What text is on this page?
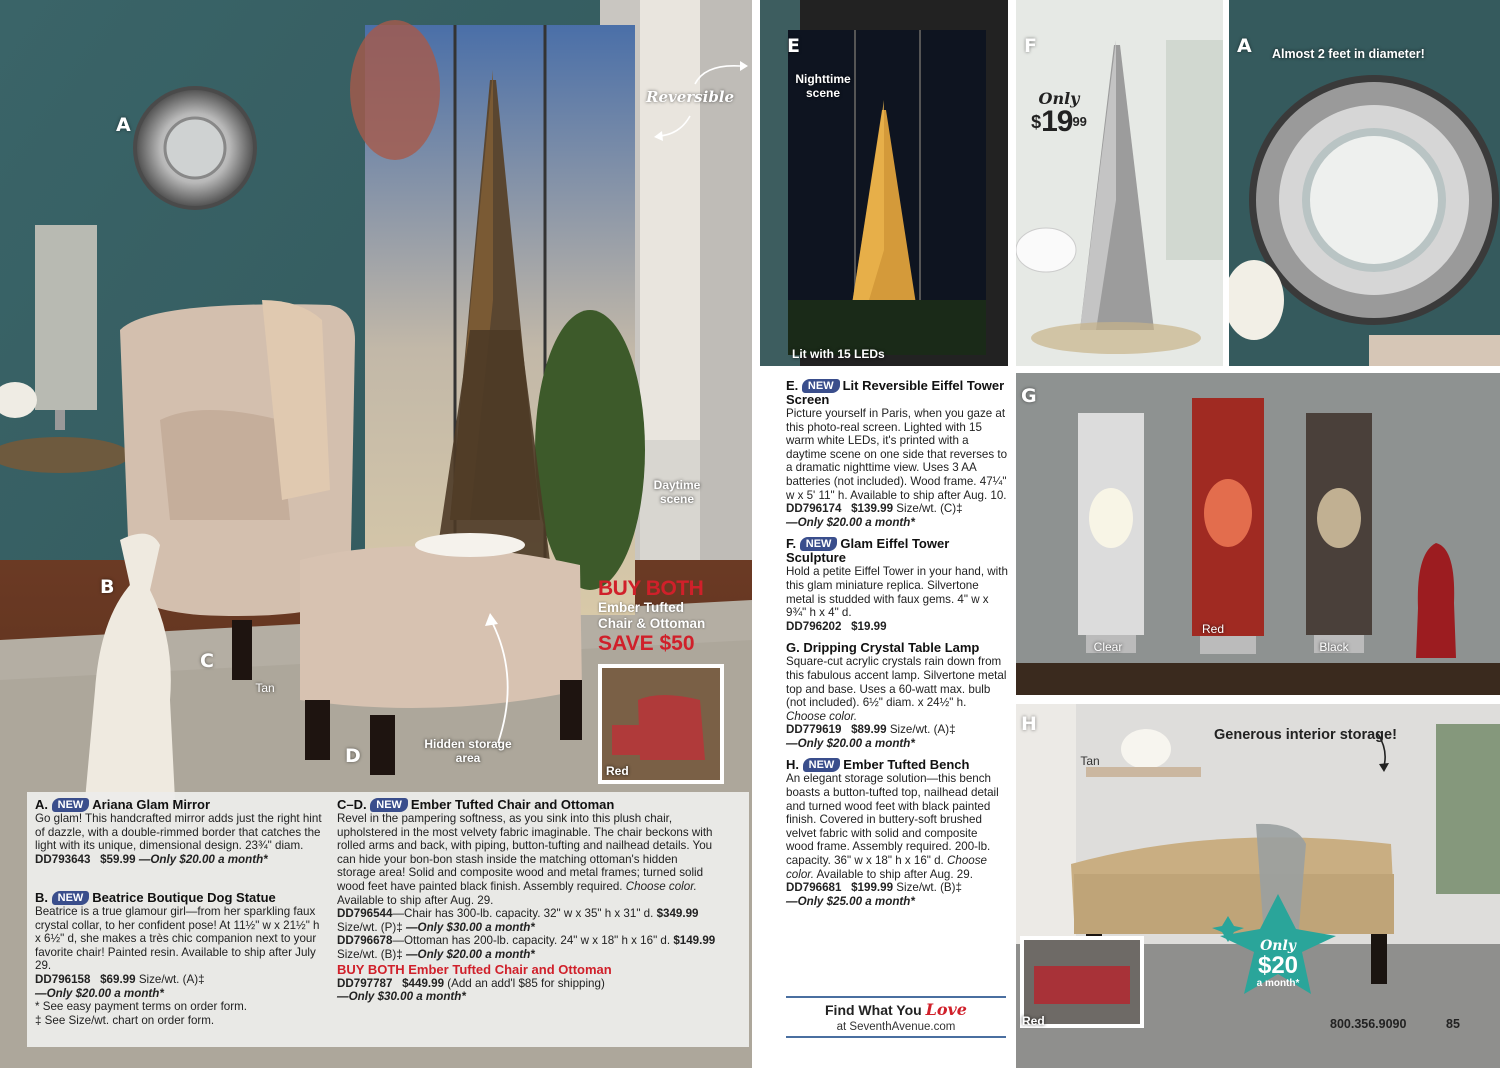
A
B
C
D
Reversible
Daytime scene
Tan
Hidden storage area
BUY BOTH
Ember Tufted Chair & Ottoman
SAVE $50
Red
A. NEW Ariana Glam Mirror
Go glam! This handcrafted mirror adds just the right hint of dazzle, with a double-rimmed border that catches the light with its unique, dimensional design. 23¾" diam.
DD793643 $59.99 —Only $20.00 a month*
B. NEW Beatrice Boutique Dog Statue
Beatrice is a true glamour girl—from her sparkling faux crystal collar, to her confident pose! At 11½" w x 21½" h x 6½" d, she makes a très chic companion next to your favorite chair! Painted resin. Available to ship after July 29.
DD796158 $69.99 Size/wt. (A)‡
—Only $20.00 a month*
* See easy payment terms on order form.
‡ See Size/wt. chart on order form.
C–D. NEW Ember Tufted Chair and Ottoman
Revel in the pampering softness, as you sink into this plush chair, upholstered in the most velvety fabric imaginable. The chair beckons with rolled arms and back, with piping, button-tufting and nailhead details. You can hide your bon-bon stash inside the matching ottoman's hidden storage area! Solid and composite wood and metal frames; turned solid wood feet have painted black finish. Assembly required. Choose color. Available to ship after Aug. 29.
DD796544—Chair has 300-lb. capacity. 32" w x 35" h x 31" d. $349.99 Size/wt. (P)‡ —Only $30.00 a month*
DD796678—Ottoman has 200-lb. capacity. 24" w x 18" h x 16" d. $149.99 Size/wt. (B)‡ —Only $20.00 a month*
BUY BOTH Ember Tufted Chair and Ottoman
DD797787 $449.99 (Add an add'l $85 for shipping)
—Only $30.00 a month*
E
Nighttime scene
Lit with 15 LEDs
F
Only
$\$19^{99}$
A Almost 2 feet in diameter!
G
Clear
Red
Black
H
Tan
Generous interior storage!
Red
Only
$20
a month*
E. NEW Lit Reversible Eiffel Tower Screen
Picture yourself in Paris, when you gaze at this photo-real screen. Lighted with 15 warm white LEDs, it's printed with a daytime scene on one side that reverses to a dramatic nighttime view. Uses 3 AA batteries (not included). Wood frame. 47¼" w x 5' 11" h. Available to ship after Aug. 10.
DD796174 $139.99 Size/wt. (C)‡
—Only $20.00 a month*
F. NEW Glam Eiffel Tower Sculpture
Hold a petite Eiffel Tower in your hand, with this glam miniature replica. Silvertone metal is studded with faux gems. 4" w x 9¾" h x 4" d.
DD796202 $19.99
G. Dripping Crystal Table Lamp
Square-cut acrylic crystals rain down from this fabulous accent lamp. Silvertone metal top and base. Uses a 60-watt max. bulb (not included). 6½" diam. x 24½" h. Choose color.
DD779619 $89.99 Size/wt. (A)‡
—Only $20.00 a month*
H. NEW Ember Tufted Bench
An elegant storage solution—this bench boasts a button-tufted top, nailhead detail and turned wood feet with black painted finish. Covered in buttery-soft brushed velvet fabric with solid and composite wood frame. Assembly required. 200-lb. capacity. 36" w x 18" h x 16" d. Choose color. Available to ship after Aug. 29.
DD796681 $199.99 Size/wt. (B)‡
—Only $25.00 a month*
Find What You Love
at SeventhAvenue.com	800.356.9090	85
